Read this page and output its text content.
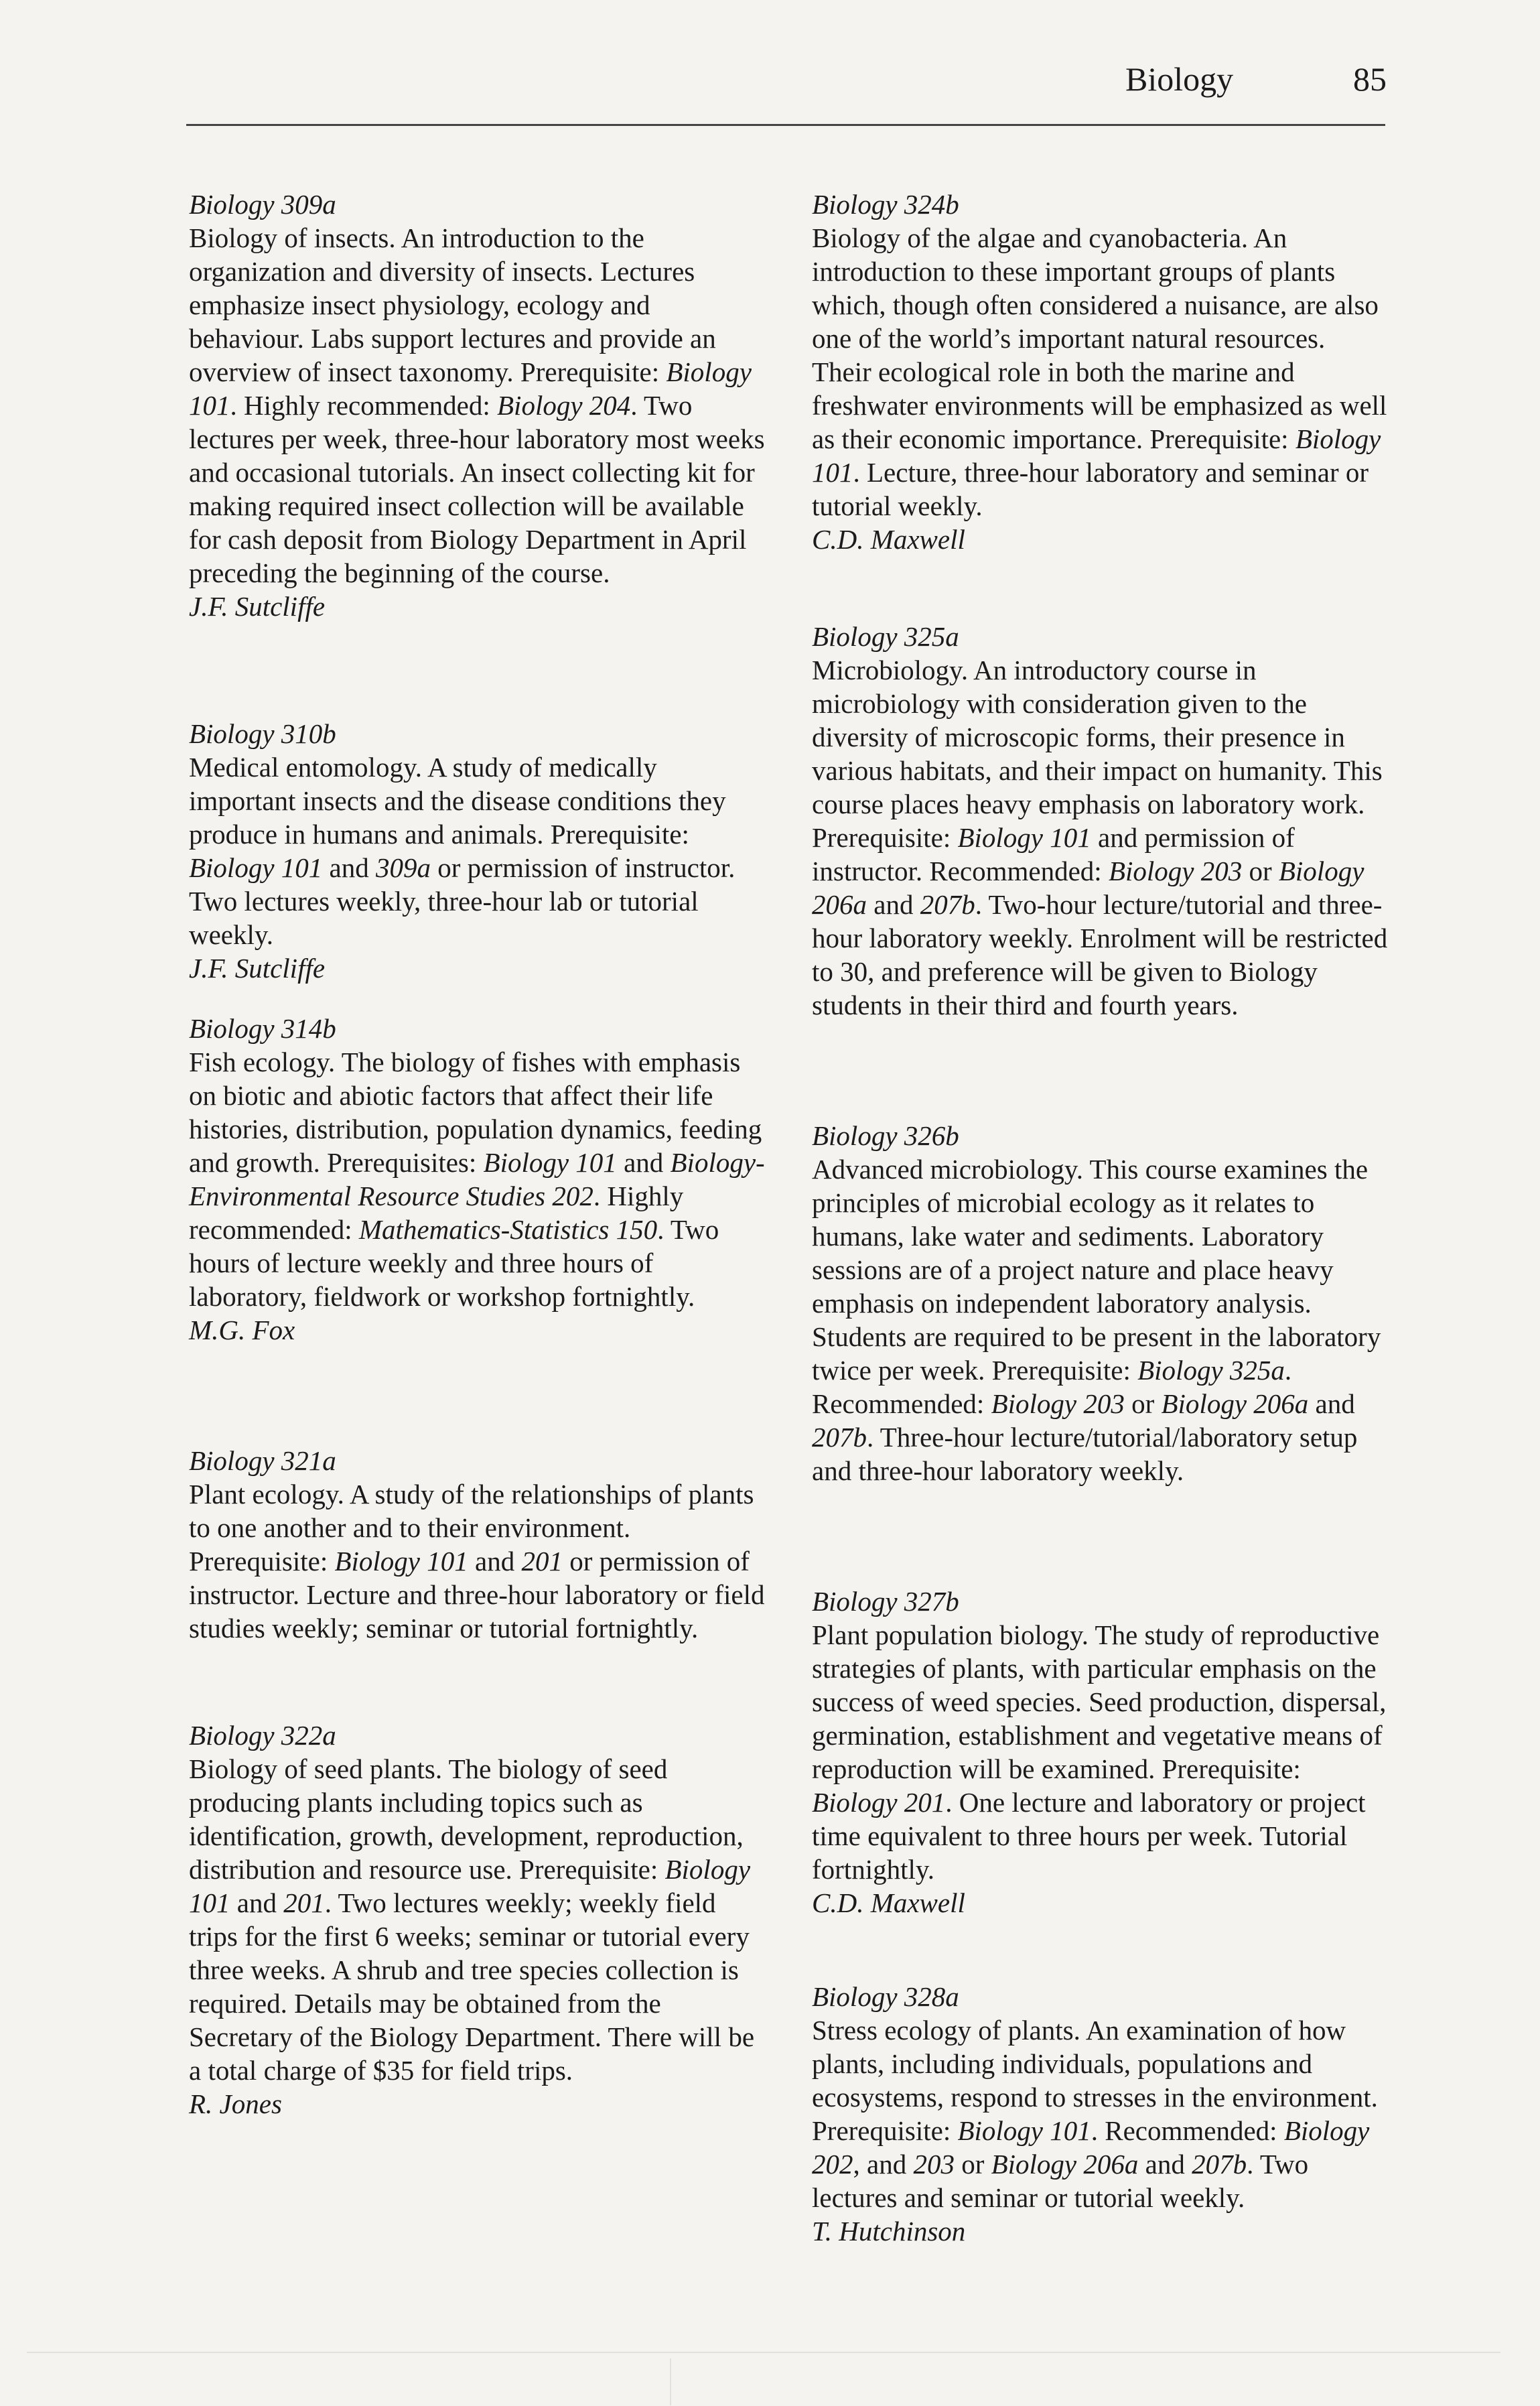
Biology	85

Biology 309a

Biology of insects. An introduction to the organization and diversity of insects. Lectures emphasize insect physiology, ecology and behaviour. Labs support lectures and provide an overview of insect taxonomy. Prerequisite: Biology 101. Highly recommended: Biology 204. Two lectures per week, three-hour laboratory most weeks and occasional tutorials. An insect collecting kit for making required insect collection will be available for cash deposit from Biology Department in April preceding the beginning of the course.

J.F. Sutcliffe

Biology 310b

Medical entomology. A study of medically important insects and the disease conditions they produce in humans and animals. Prerequisite: Biology 101 and 309a or permission of instructor. Two lectures weekly, three-hour lab or tutorial weekly.

J.F. Sutcliffe

Biology 314b

Fish ecology. The biology of fishes with emphasis on biotic and abiotic factors that affect their life histories, distribution, population dynamics, feeding and growth. Prerequisites: Biology 101 and Biology-Environmental Resource Studies 202. Highly recommended: Mathematics-Statistics 150. Two hours of lecture weekly and three hours of laboratory, fieldwork or workshop fortnightly.

M.G. Fox

Biology 321a

Plant ecology. A study of the relationships of plants to one another and to their environment. Prerequisite: Biology 101 and 201 or permission of instructor. Lecture and three-hour laboratory or field studies weekly; seminar or tutorial fortnightly.

Biology 322a

Biology of seed plants. The biology of seed producing plants including topics such as identification, growth, development, reproduction, distribution and resource use. Prerequisite: Biology 101 and 201. Two lectures weekly; weekly field trips for the first 6 weeks; seminar or tutorial every three weeks. A shrub and tree species collection is required. Details may be obtained from the Secretary of the Biology Department. There will be a total charge of $35 for field trips.

R. Jones

Biology 324b

Biology of the algae and cyanobacteria. An introduction to these important groups of plants which, though often considered a nuisance, are also one of the world’s important natural resources. Their ecological role in both the marine and freshwater environments will be emphasized as well as their economic importance. Prerequisite: Biology 101. Lecture, three-hour laboratory and seminar or tutorial weekly.

C.D. Maxwell

Biology 325a

Microbiology. An introductory course in microbiology with consideration given to the diversity of microscopic forms, their presence in various habitats, and their impact on humanity. This course places heavy emphasis on laboratory work. Prerequisite: Biology 101 and permission of instructor. Recommended: Biology 203 or Biology 206a and 207b. Two-hour lecture/tutorial and three-hour laboratory weekly. Enrolment will be restricted to 30, and preference will be given to Biology students in their third and fourth years.

Biology 326b

Advanced microbiology. This course examines the principles of microbial ecology as it relates to humans, lake water and sediments. Laboratory sessions are of a project nature and place heavy emphasis on independent laboratory analysis. Students are required to be present in the laboratory twice per week. Prerequisite: Biology 325a. Recommended: Biology 203 or Biology 206a and 207b. Three-hour lecture/tutorial/laboratory setup and three-hour laboratory weekly.

Biology 327b

Plant population biology. The study of reproductive strategies of plants, with particular emphasis on the success of weed species. Seed production, dispersal, germination, establishment and vegetative means of reproduction will be examined. Prerequisite: Biology 201. One lecture and laboratory or project time equivalent to three hours per week. Tutorial fortnightly.

C.D. Maxwell

Biology 328a

Stress ecology of plants. An examination of how plants, including individuals, populations and ecosystems, respond to stresses in the environment. Prerequisite: Biology 101. Recommended: Biology 202, and 203 or Biology 206a and 207b. Two lectures and seminar or tutorial weekly.

T. Hutchinson
